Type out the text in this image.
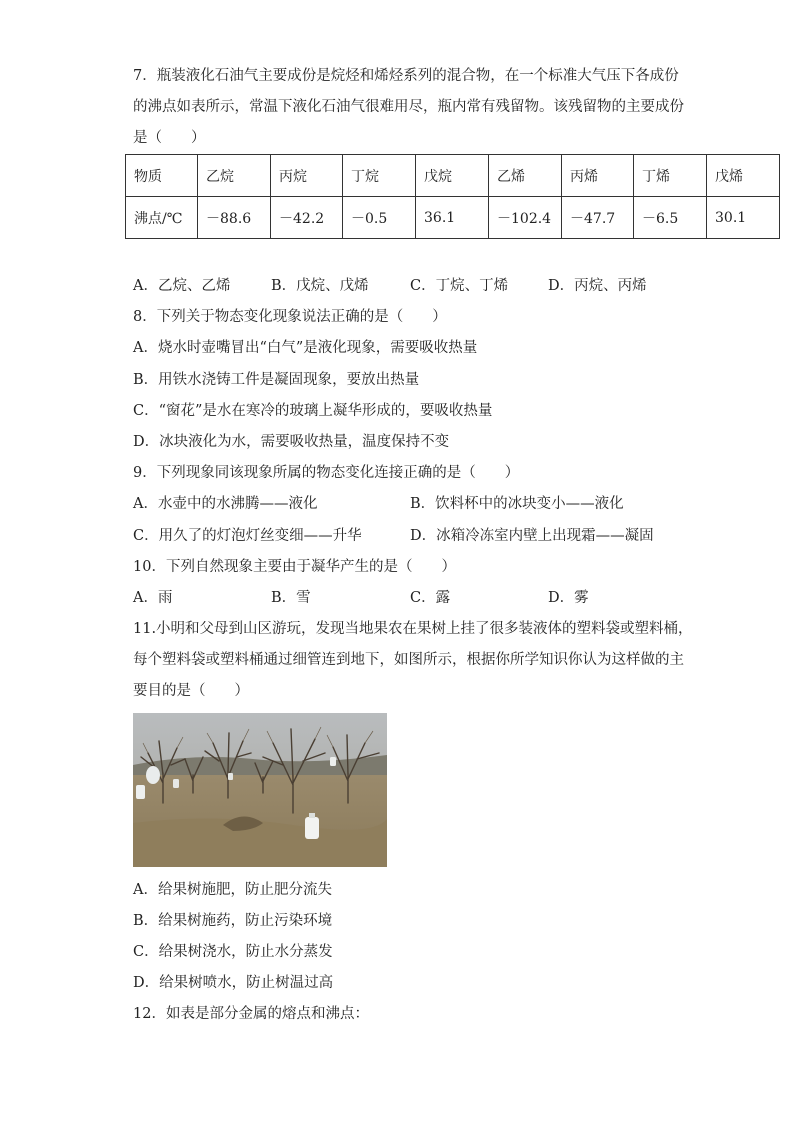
7．瓶装液化石油气主要成份是烷烃和烯烃系列的混合物，在一个标准大气压下各成份
的沸点如表所示，常温下液化石油气很难用尽，瓶内常有残留物。该残留物的主要成份
是（　　）
物质	乙烷	丙烷	丁烷	戊烷	乙烯	丙烯	丁烯	戊烯
沸点/℃	－88.6	－42.2	－0.5	36.1	－102.4	－47.7	－6.5	30.1
A．乙烷、乙烯	B．戊烷、戊烯	C．丁烷、丁烯	D．丙烷、丙烯
8．下列关于物态变化现象说法正确的是（　　）
A．烧水时壶嘴冒出“白气”是液化现象，需要吸收热量
B．用铁水浇铸工件是凝固现象，要放出热量
C．“窗花”是水在寒冷的玻璃上凝华形成的，要吸收热量
D．冰块液化为水，需要吸收热量，温度保持不变
9．下列现象同该现象所属的物态变化连接正确的是（　　）
A．水壶中的水沸腾——液化	B．饮料杯中的冰块变小——液化
C．用久了的灯泡灯丝变细——升华	D．冰箱冷冻室内壁上出现霜——凝固
10．下列自然现象主要由于凝华产生的是（　　）
A．雨	B．雪	C．露	D．雾
11.小明和父母到山区游玩，发现当地果农在果树上挂了很多装液体的塑料袋或塑料桶，
每个塑料袋或塑料桶通过细管连到地下，如图所示，根据你所学知识你认为这样做的主
要目的是（　　）
A．给果树施肥，防止肥分流失
B．给果树施药，防止污染环境
C．给果树浇水，防止水分蒸发
D．给果树喷水，防止树温过高
12．如表是部分金属的熔点和沸点：
